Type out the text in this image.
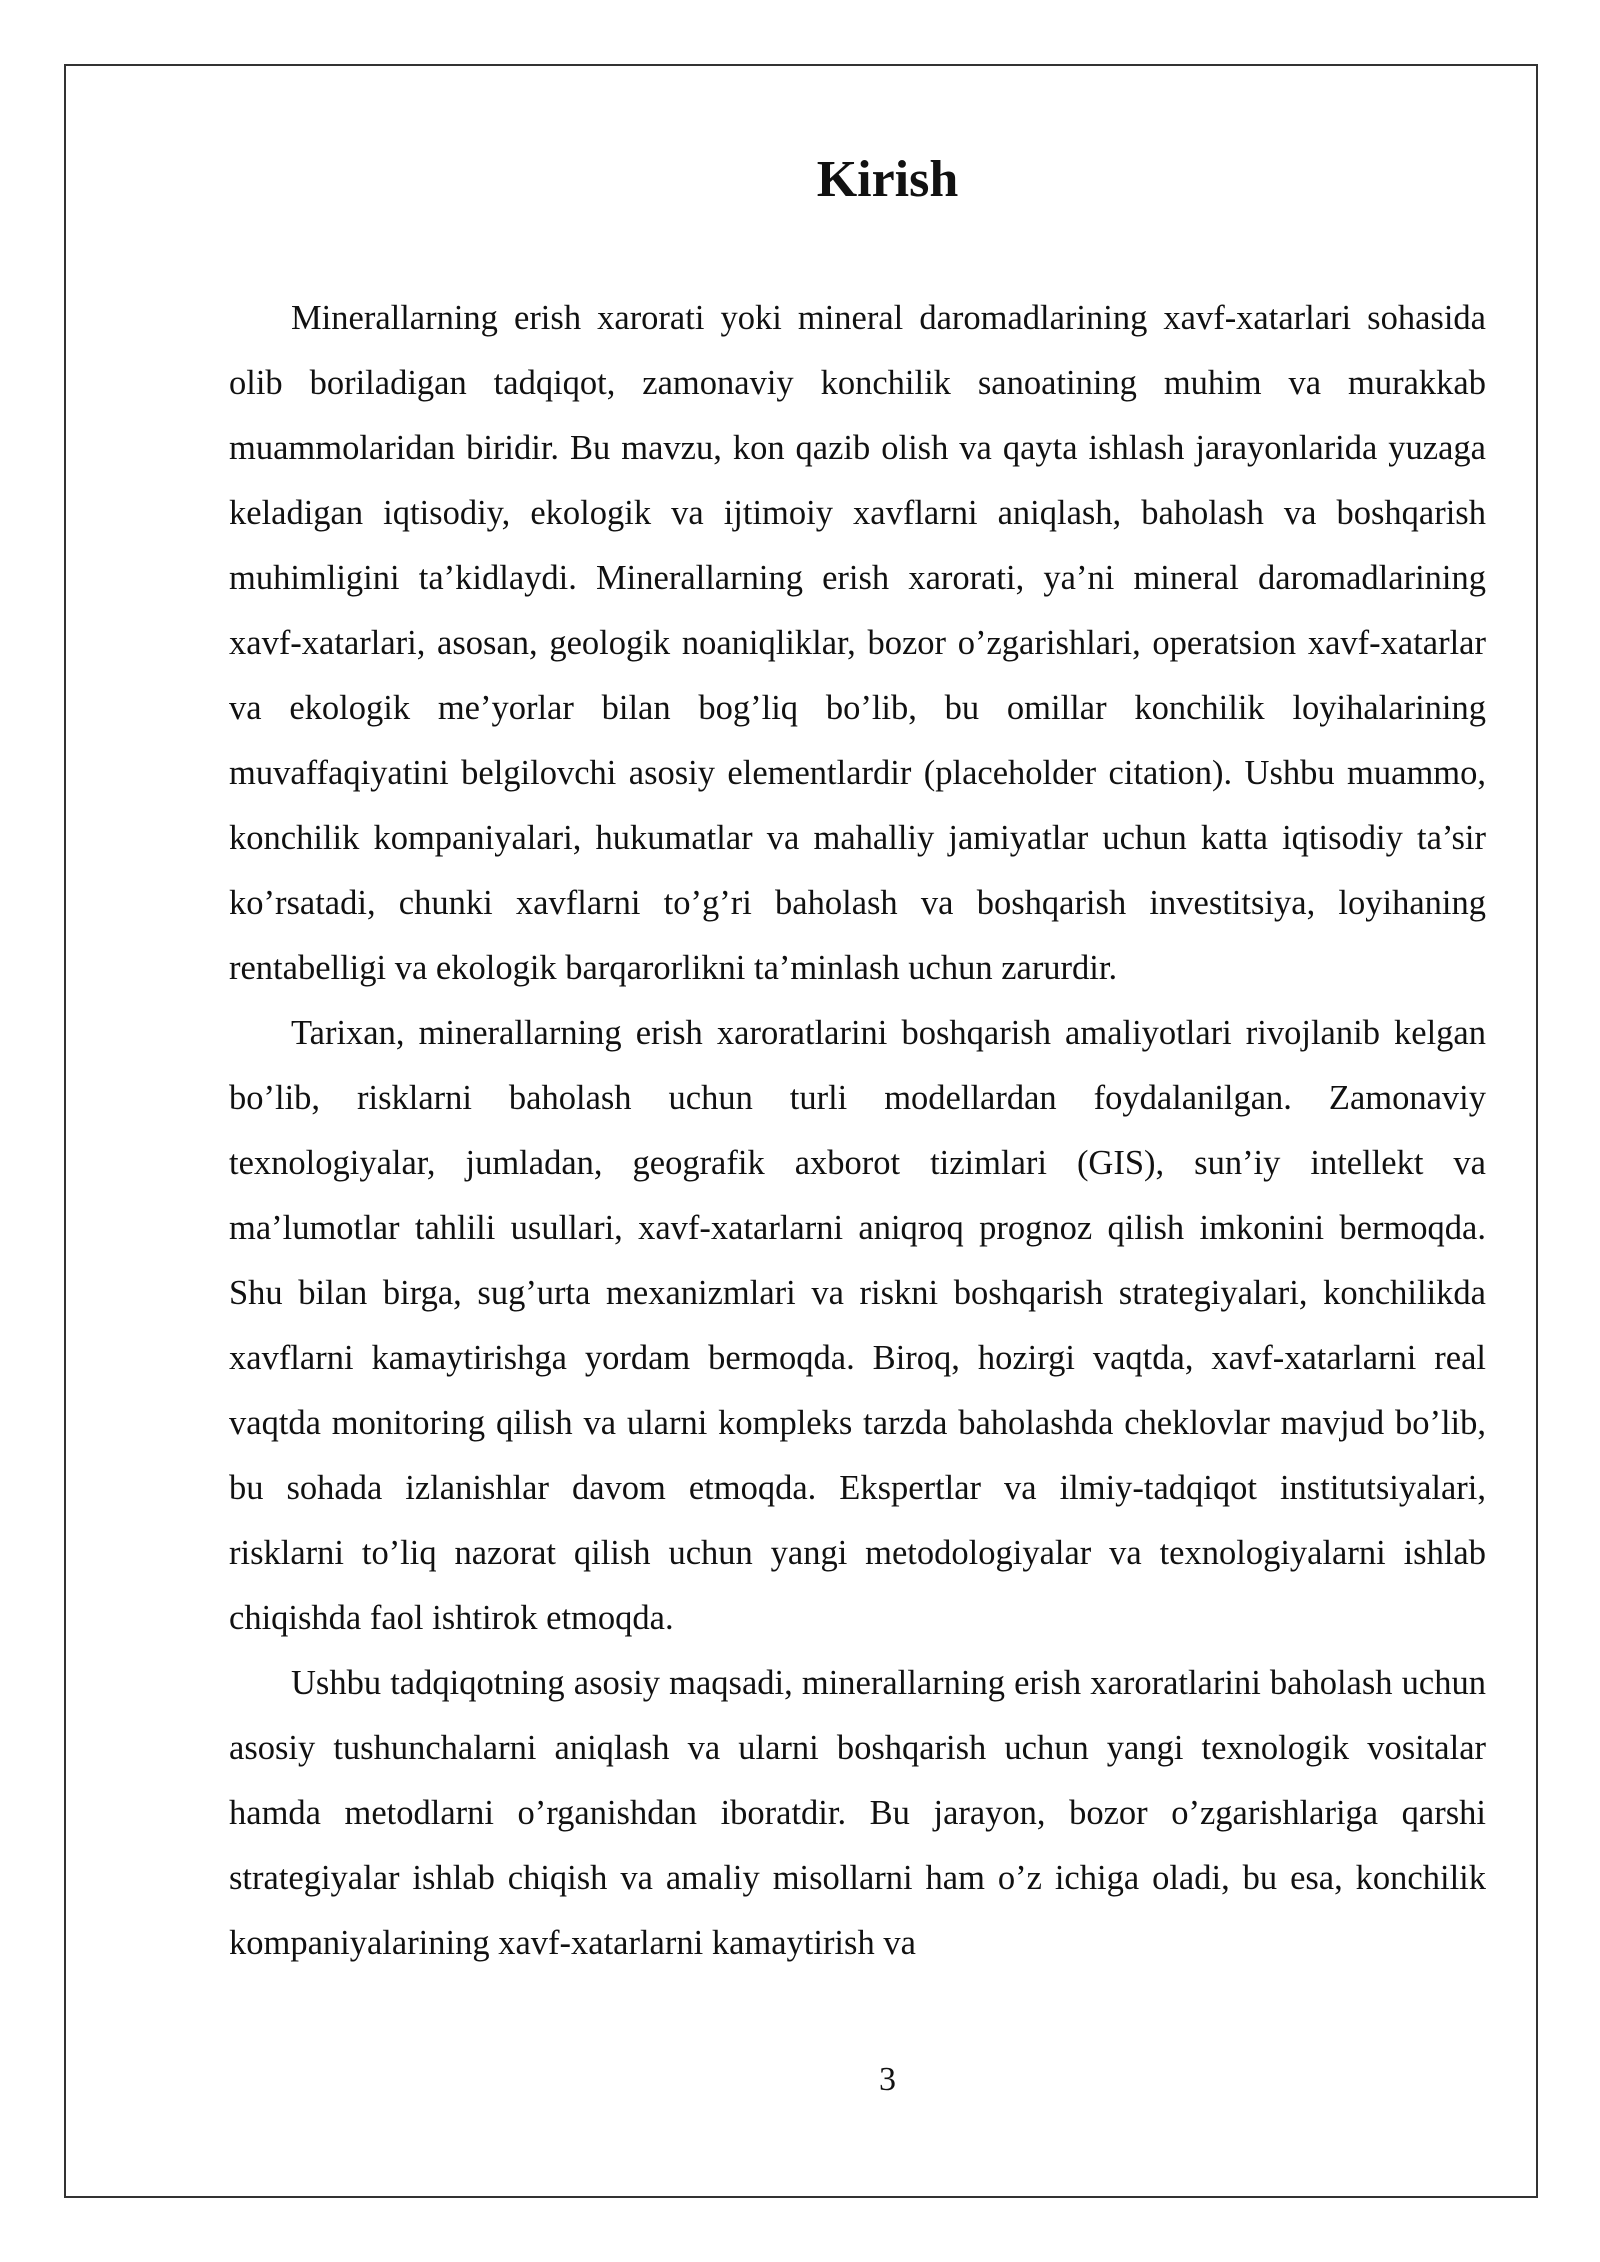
Kirish

Minerallarning erish xarorati yoki mineral daromadlarining xavf-xatarlari sohasida olib boriladigan tadqiqot, zamonaviy konchilik sanoatining muhim va murakkab muammolaridan biridir. Bu mavzu, kon qazib olish va qayta ishlash jarayonlarida yuzaga keladigan iqtisodiy, ekologik va ijtimoiy xavflarni aniqlash, baholash va boshqarish muhimligini ta’kidlaydi. Minerallarning erish xarorati, ya’ni mineral daromadlarining xavf-xatarlari, asosan, geologik noaniqliklar, bozor o’zgarishlari, operatsion xavf-xatarlar va ekologik me’yorlar bilan bog’liq bo’lib, bu omillar konchilik loyihalarining muvaffaqiyatini belgilovchi asosiy elementlardir (placeholder citation). Ushbu muammo, konchilik kompaniyalari, hukumatlar va mahalliy jamiyatlar uchun katta iqtisodiy ta’sir ko’rsatadi, chunki xavflarni to’g’ri baholash va boshqarish investitsiya, loyihaning rentabelligi va ekologik barqarorlikni ta’minlash uchun zarurdir.

Tarixan, minerallarning erish xaroratlarini boshqarish amaliyotlari rivojlanib kelgan bo’lib, risklarni baholash uchun turli modellardan foydalanilgan. Zamonaviy texnologiyalar, jumladan, geografik axborot tizimlari (GIS), sun’iy intellekt va ma’lumotlar tahlili usullari, xavf-xatarlarni aniqroq prognoz qilish imkonini bermoqda. Shu bilan birga, sug’urta mexanizmlari va riskni boshqarish strategiyalari, konchilikda xavflarni kamaytirishga yordam bermoqda. Biroq, hozirgi vaqtda, xavf-xatarlarni real vaqtda monitoring qilish va ularni kompleks tarzda baholashda cheklovlar mavjud bo’lib, bu sohada izlanishlar davom etmoqda. Ekspertlar va ilmiy-tadqiqot institutsiyalari, risklarni to’liq nazorat qilish uchun yangi metodologiyalar va texnologiyalarni ishlab chiqishda faol ishtirok etmoqda.

Ushbu tadqiqotning asosiy maqsadi, minerallarning erish xaroratlarini baholash uchun asosiy tushunchalarni aniqlash va ularni boshqarish uchun yangi texnologik vositalar hamda metodlarni o’rganishdan iboratdir. Bu jarayon, bozor o’zgarishlariga qarshi strategiyalar ishlab chiqish va amaliy misollarni ham o’z ichiga oladi, bu esa, konchilik kompaniyalarining xavf-xatarlarni kamaytirish va

3
